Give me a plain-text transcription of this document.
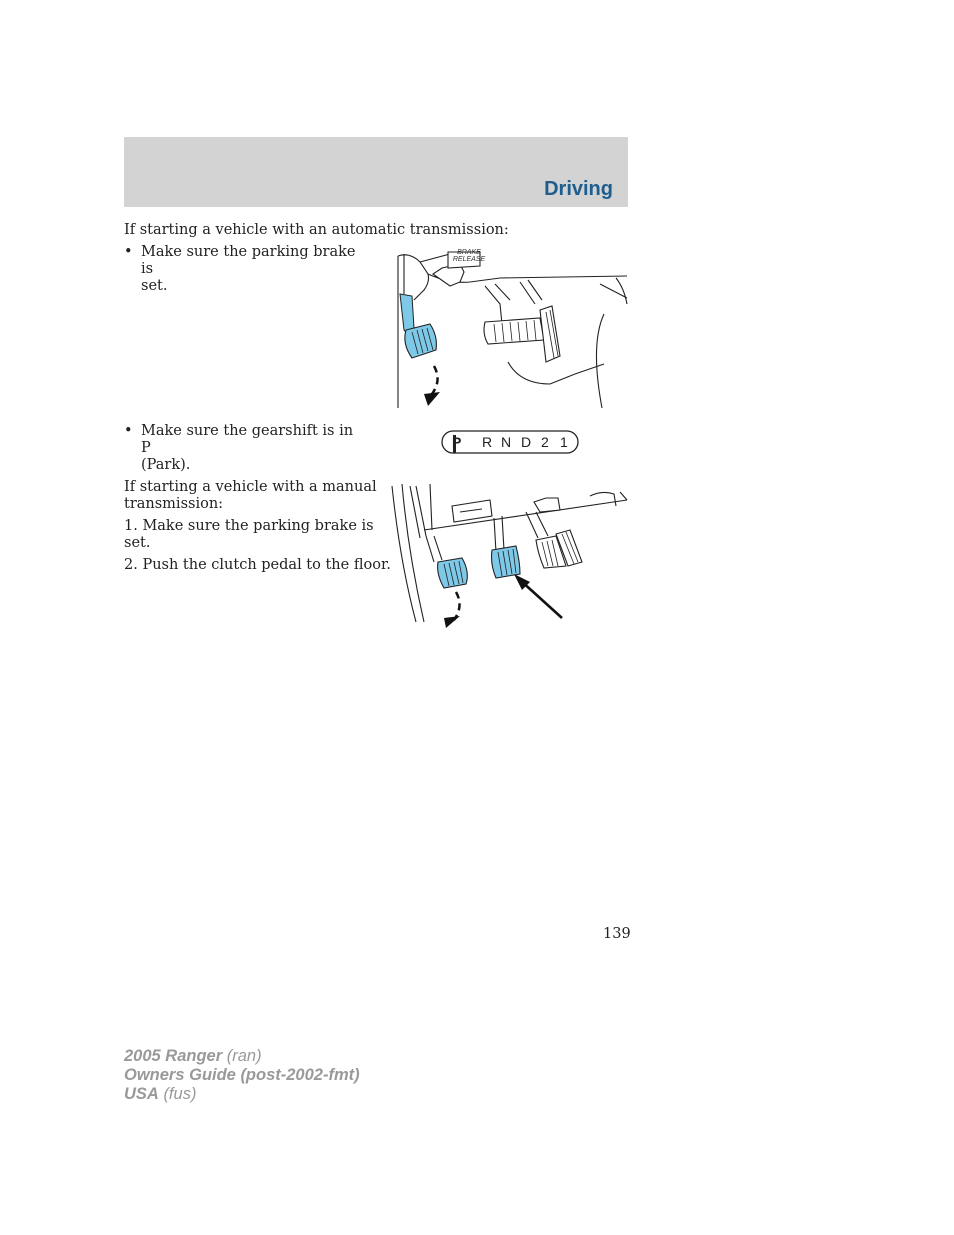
Driving
If starting a vehicle with an automatic transmission:
• Make sure the parking brake is
set.
• Make sure the gearshift is in P
(Park).
If starting a vehicle with a manual
transmission:
1. Make sure the parking brake is
set.
2. Push the clutch pedal to the floor.
BRAKE
RELEASE
P R N D 2 1
139
2005 Ranger (ran)
Owners Guide (post-2002-fmt)
USA (fus)
